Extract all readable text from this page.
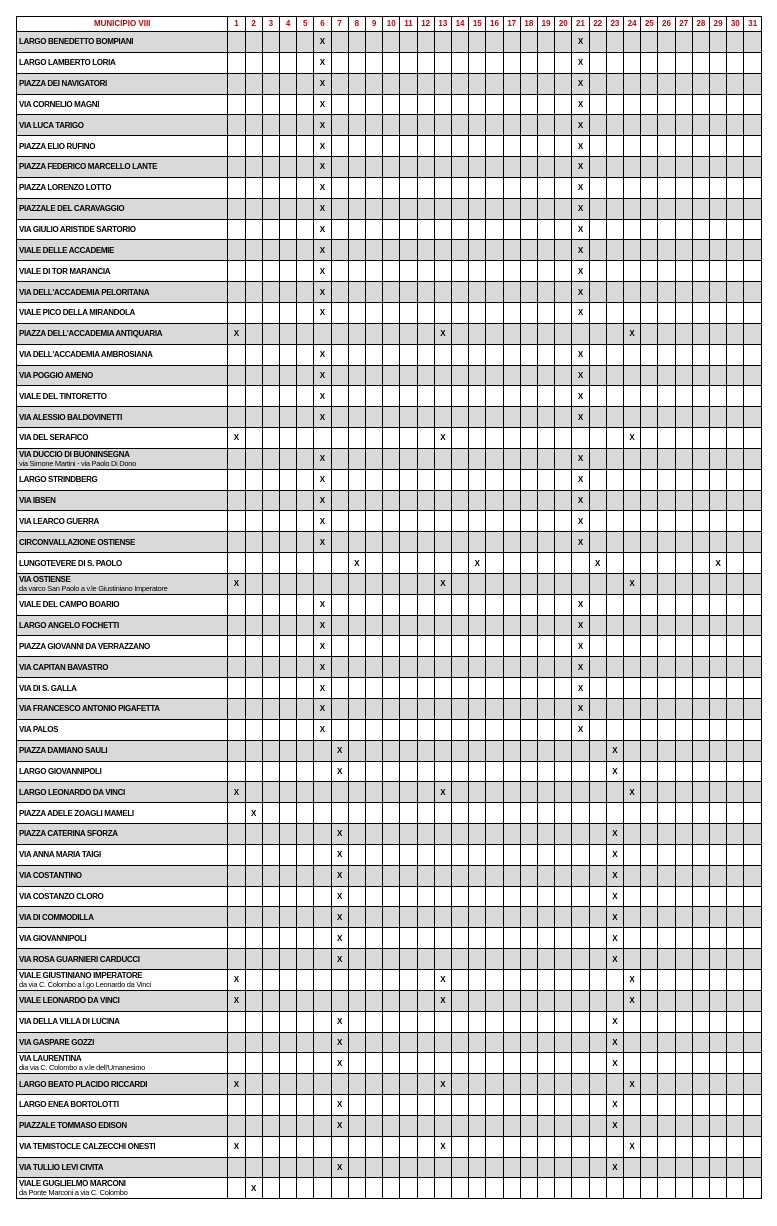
MUNICIPIO VIII	1	2	3	4	5	6	7	8	9	10	11	12	13	14	15	16	17	18	19	20	21	22	23	24	25	26	27	28	29	30	31
LARGO BENEDETTO BOMPIANI						X															X										
LARGO LAMBERTO LORIA						X															X										
PIAZZA DEI NAVIGATORI						X															X										
VIA CORNELIO MAGNI						X															X										
VIA LUCA TARIGO						X															X										
PIAZZA ELIO RUFINO						X															X										
PIAZZA FEDERICO MARCELLO LANTE						X															X										
PIAZZA LORENZO LOTTO						X															X										
PIAZZALE DEL CARAVAGGIO						X															X										
VIA GIULIO ARISTIDE SARTORIO						X															X										
VIALE DELLE ACCADEMIE						X															X										
VIALE DI TOR MARANCIA						X															X										
VIA DELL'ACCADEMIA PELORITANA						X															X										
VIALE PICO DELLA MIRANDOLA						X															X										
PIAZZA DELL'ACCADEMIA ANTIQUARIA	X												X											X							
VIA DELL'ACCADEMIA AMBROSIANA						X															X										
VIA POGGIO AMENO						X															X										
VIALE DEL TINTORETTO						X															X										
VIA ALESSIO BALDOVINETTI						X															X										
VIA DEL SERAFICO	X												X											X							
VIA DUCCIO DI BUONINSEGNA
via Simone Martini - via Paolo Di Dono						X															X										
LARGO STRINDBERG						X															X										
VIA IBSEN						X															X										
VIA LEARCO GUERRA						X															X										
CIRCONVALLAZIONE OSTIENSE						X															X										
LUNGOTEVERE DI S. PAOLO								X							X							X							X		
VIA OSTIENSE
da varco San Paolo a v.le Giustiniano Imperatore	X												X											X							
VIALE DEL CAMPO BOARIO						X															X										
LARGO ANGELO FOCHETTI						X															X										
PIAZZA GIOVANNI DA VERRAZZANO						X															X										
VIA CAPITAN BAVASTRO						X															X										
VIA DI S. GALLA						X															X										
VIA FRANCESCO ANTONIO PIGAFETTA						X															X										
VIA PALOS						X															X										
PIAZZA DAMIANO SAULI							X																X								
LARGO GIOVANNIPOLI							X																X								
LARGO LEONARDO DA VINCI	X												X											X							
PIAZZA ADELE ZOAGLI MAMELI		X																													
PIAZZA CATERINA SFORZA							X																X								
VIA ANNA MARIA TAIGI							X																X								
VIA COSTANTINO							X																X								
VIA COSTANZO CLORO							X																X								
VIA DI COMMODILLA							X																X								
VIA GIOVANNIPOLI							X																X								
VIA ROSA GUARNIERI CARDUCCI							X																X								
VIALE GIUSTINIANO IMPERATORE
da via C. Colombo a l.go Leonardo da Vinci	X												X											X							
VIALE LEONARDO DA VINCI	X												X											X							
VIA DELLA VILLA DI LUCINA							X																X								
VIA GASPARE GOZZI							X																X								
VIA LAURENTINA
dia via C. Colombo a v.le dell'Umanesimo							X																X								
LARGO BEATO PLACIDO RICCARDI	X												X											X							
LARGO ENEA BORTOLOTTI							X																X								
PIAZZALE TOMMASO EDISON							X																X								
VIA TEMISTOCLE CALZECCHI ONESTI	X												X											X							
VIA TULLIO LEVI CIVITA							X																X								
VIALE GUGLIELMO MARCONI
da Ponte Marconi a via C. Colombo		X																													
